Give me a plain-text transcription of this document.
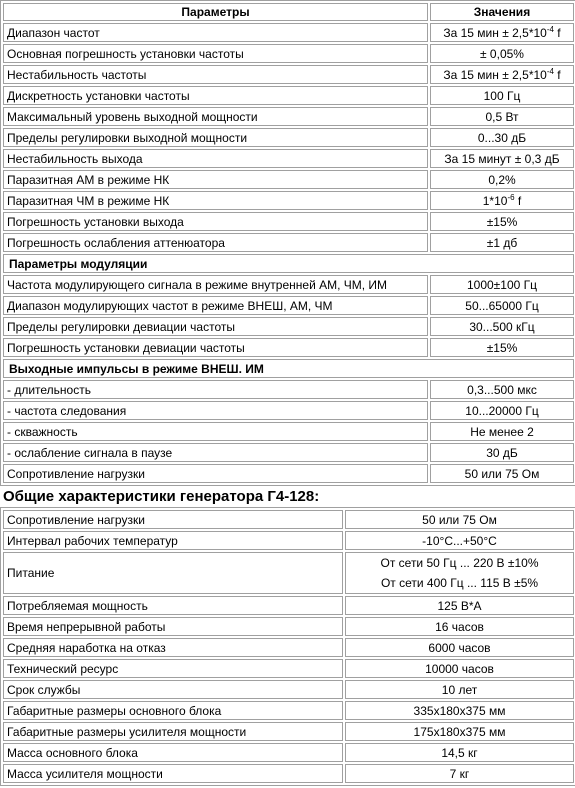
Параметры	Значения
Диапазон частот	За 15 мин ± $2,5*10^{-4}$ f
Основная погрешность установки частоты	± 0,05%
Нестабильность частоты	За 15 мин ± $2,5*10^{-4}$ f
Дискретность установки частоты	100 Гц
Максимальный уровень выходной мощности	0,5 Вт
Пределы регулировки выходной мощности	0...30 дБ
Нестабильность выхода	За 15 минут ± 0,3 дБ
Паразитная АМ в режиме НК	0,2%
Паразитная ЧМ в режиме НК	$1*10^{-6}$ f
Погрешность установки выхода	±15%
Погрешность ослабления аттенюатора	±1 дб
Параметры модуляции	
Частота модулирующего сигнала в режиме внутренней АМ, ЧМ, ИМ	1000±100 Гц
Диапазон модулирующих частот в режиме ВНЕШ, АМ, ЧМ	50...65000 Гц
Пределы регулировки девиации частоты	30...500 кГц
Погрешность установки девиации частоты	±15%
Выходные импульсы в режиме ВНЕШ. ИМ	
- длительность	0,3...500 мкс
- частота следования	10...20000 Гц
- скважность	Не менее 2
- ослабление сигнала в паузе	30 дБ
Сопротивление нагрузки	50 или 75 Ом
Общие характеристики генератора Г4-128:
Сопротивление нагрузки	50 или 75 Ом
Интервал рабочих температур	-10°С...+50°С
Питание	От сети 50 Гц ... 220 В ±10%
От сети 400 Гц ... 115 В ±5%

Потребляемая мощность	125 В*А
Время непрерывной работы	16 часов
Средняя наработка на отказ	6000 часов
Технический ресурс	10000 часов
Срок службы	10 лет
Габаритные размеры основного блока	335x180x375 мм
Габаритные размеры усилителя мощности	175x180x375 мм
Масса основного блока	14,5 кг
Масса усилителя мощности	7 кг
